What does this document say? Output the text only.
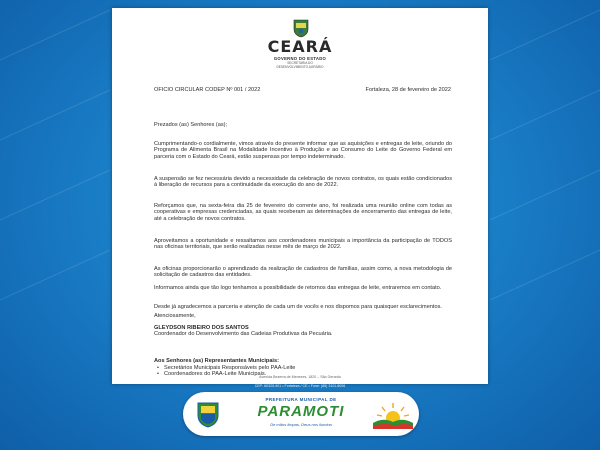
CEARÁ
GOVERNO DO ESTADO
SECRETARIA DO
DESENVOLVIMENTO AGRÁRIO
OFICIO CIRCULAR CODEP Nº 001 / 2022	Fortaleza, 28 de fevereiro de 2022
Prezados (as) Senhores (as);
Cumprimentando-o cordialmente, vimos através do presente informar que as aquisições e entregas de leite, oriundo do Programa de Alimenta Brasil na Modalidade Incentivo à Produção e ao Consumo do Leite do Governo Federal em parceria com o Estado do Ceará, estão suspensas por tempo indeterminado.
A suspensão se fez necessária devido a necessidade da celebração de novos contratos, os quais estão condicionados à liberação de recursos para a continuidade da execução do ano de 2022.
Reforçamos que, na sexta-feira dia 25 de fevereiro do corrente ano, foi realizada uma reunião online com todas as cooperativas e empresas credenciadas, as quais receberam as determinações de encerramento das entregas de leite, até a celebração de novos contratos.
Aproveitamos a oportunidade e ressaltamos aos coordenadores municipais a importância da participação de TODOS nas oficinas territoriais, que serão realizadas nesse mês de março de 2022.
As oficinas proporcionarão o aprendizado da realização de cadastros de famílias, assim como, a nova metodologia de solicitação de cadastros das entidades.
Informamos ainda que tão logo tenhamos a possibilidade de retornos das entregas de leite, entraremos em contato.
Desde já agradecemos a parceria e atenção de cada um de vocês e nos dispomos para quaisquer esclarecimentos.
Atenciosamente,
GLEYDSON RIBEIRO DOS SANTOS
Coordenador do Desenvolvimento das Cadeias Produtivas da Pecuária.
Aos Senhores (as) Representantes Municipais:
• Secretários Municipais Responsáveis pelo PAA-Leite
• Coordenadores do PAA-Leite Municipais.
Avenida Bezerra de Menezes, 1820 – São Gerardo
CEP: 60325-901 • Fortaleza / CE • Fone: (85) 3101.8006
PREFEITURA MUNICIPAL DE
PARAMOTI
De mãos limpas, Deus nos ilumina
